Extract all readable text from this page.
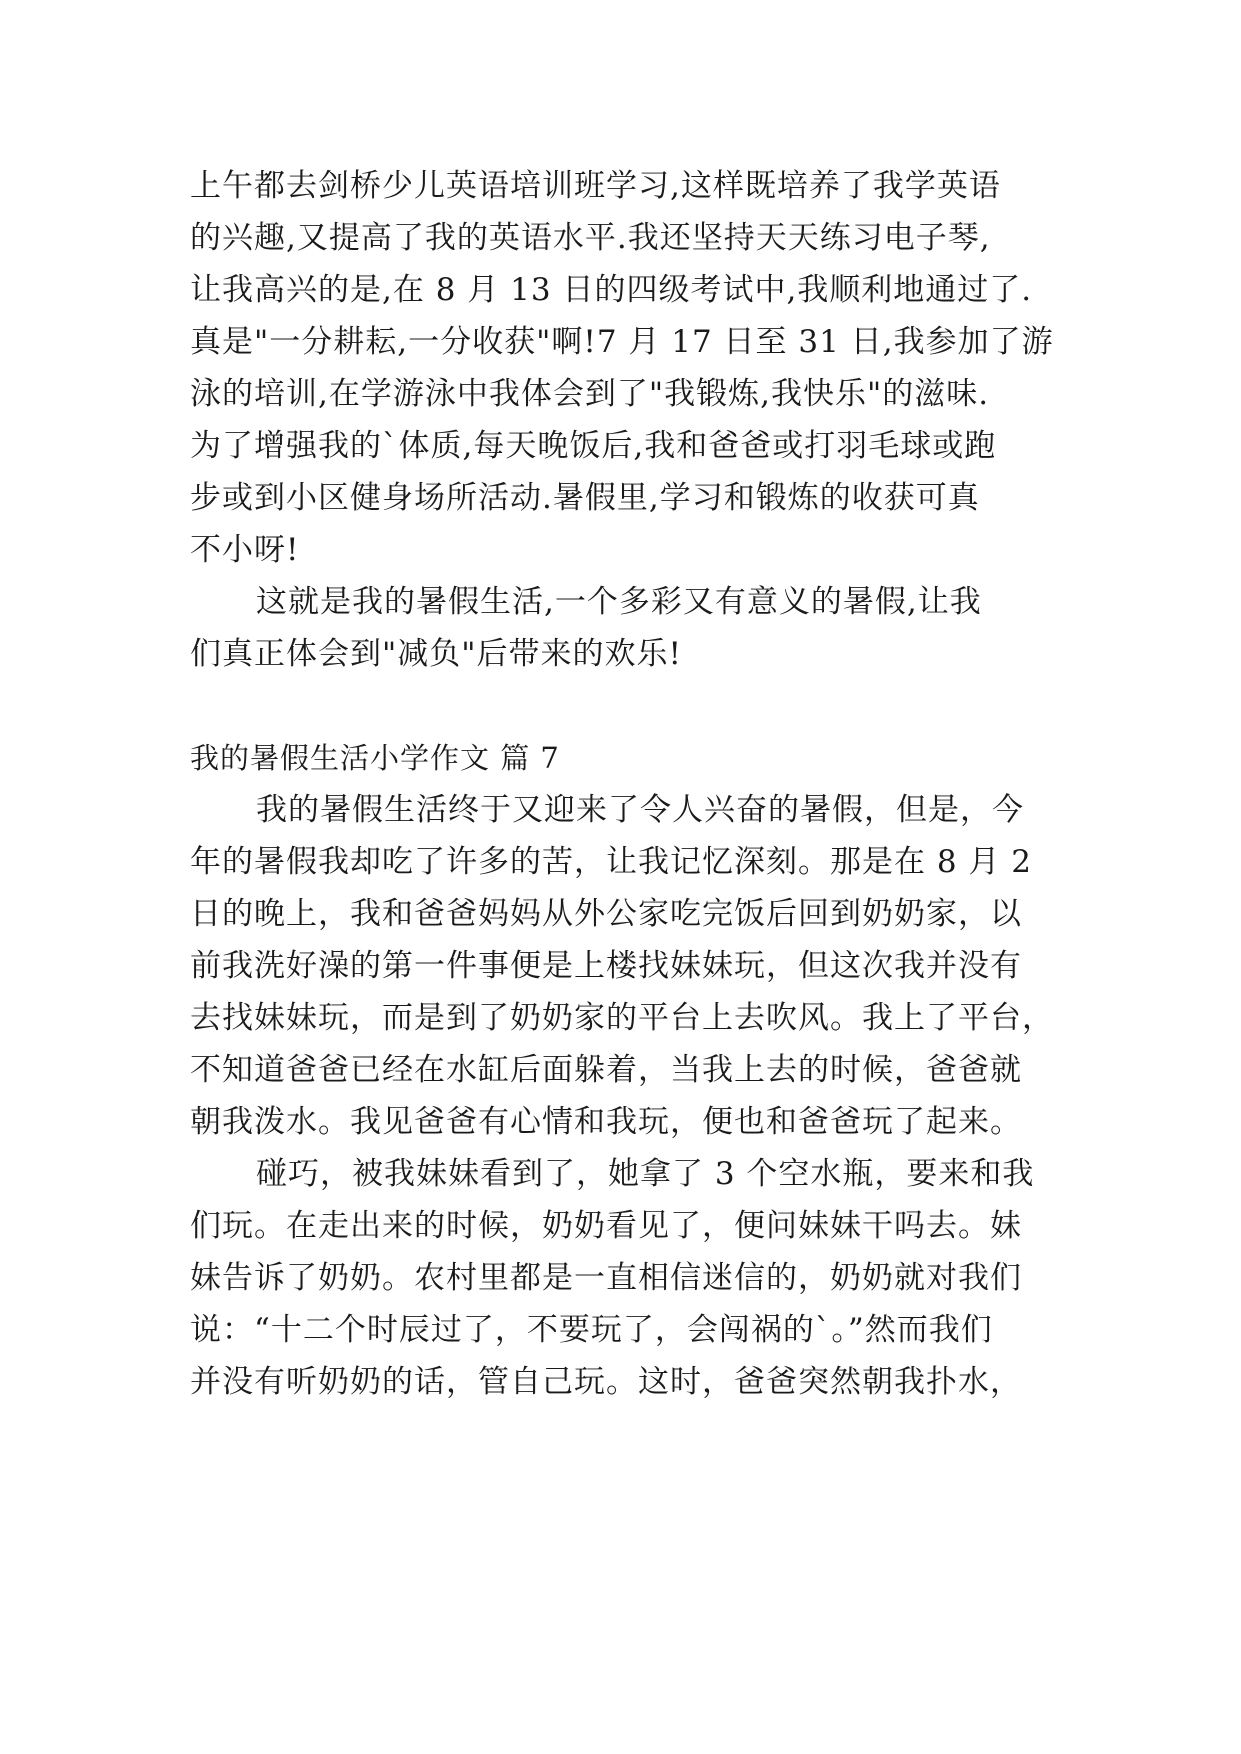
上午都去剑桥少儿英语培训班学习,这样既培养了我学英语
的兴趣,又提高了我的英语水平.我还坚持天天练习电子琴,
让我高兴的是,在 8 月 13 日的四级考试中,我顺利地通过了.
真是"一分耕耘,一分收获"啊!7 月 17 日至 31 日,我参加了游
泳的培训,在学游泳中我体会到了"我锻炼,我快乐"的滋味.
为了增强我的`体质,每天晚饭后,我和爸爸或打羽毛球或跑
步或到小区健身场所活动.暑假里,学习和锻炼的收获可真
不小呀!
这就是我的暑假生活,一个多彩又有意义的暑假,让我
们真正体会到"减负"后带来的欢乐!
我的暑假生活小学作文 篇 7
我的暑假生活终于又迎来了令人兴奋的暑假，但是，今
年的暑假我却吃了许多的苦，让我记忆深刻。那是在 8 月 2
日的晚上，我和爸爸妈妈从外公家吃完饭后回到奶奶家，以
前我洗好澡的第一件事便是上楼找妹妹玩，但这次我并没有
去找妹妹玩，而是到了奶奶家的平台上去吹风。我上了平台，
不知道爸爸已经在水缸后面躲着，当我上去的时候，爸爸就
朝我泼水。我见爸爸有心情和我玩，便也和爸爸玩了起来。
碰巧，被我妹妹看到了，她拿了 3 个空水瓶，要来和我
们玩。在走出来的时候，奶奶看见了，便问妹妹干吗去。妹
妹告诉了奶奶。农村里都是一直相信迷信的，奶奶就对我们
说：“十二个时辰过了，不要玩了，会闯祸的`。”然而我们
并没有听奶奶的话，管自己玩。这时，爸爸突然朝我扑水，
